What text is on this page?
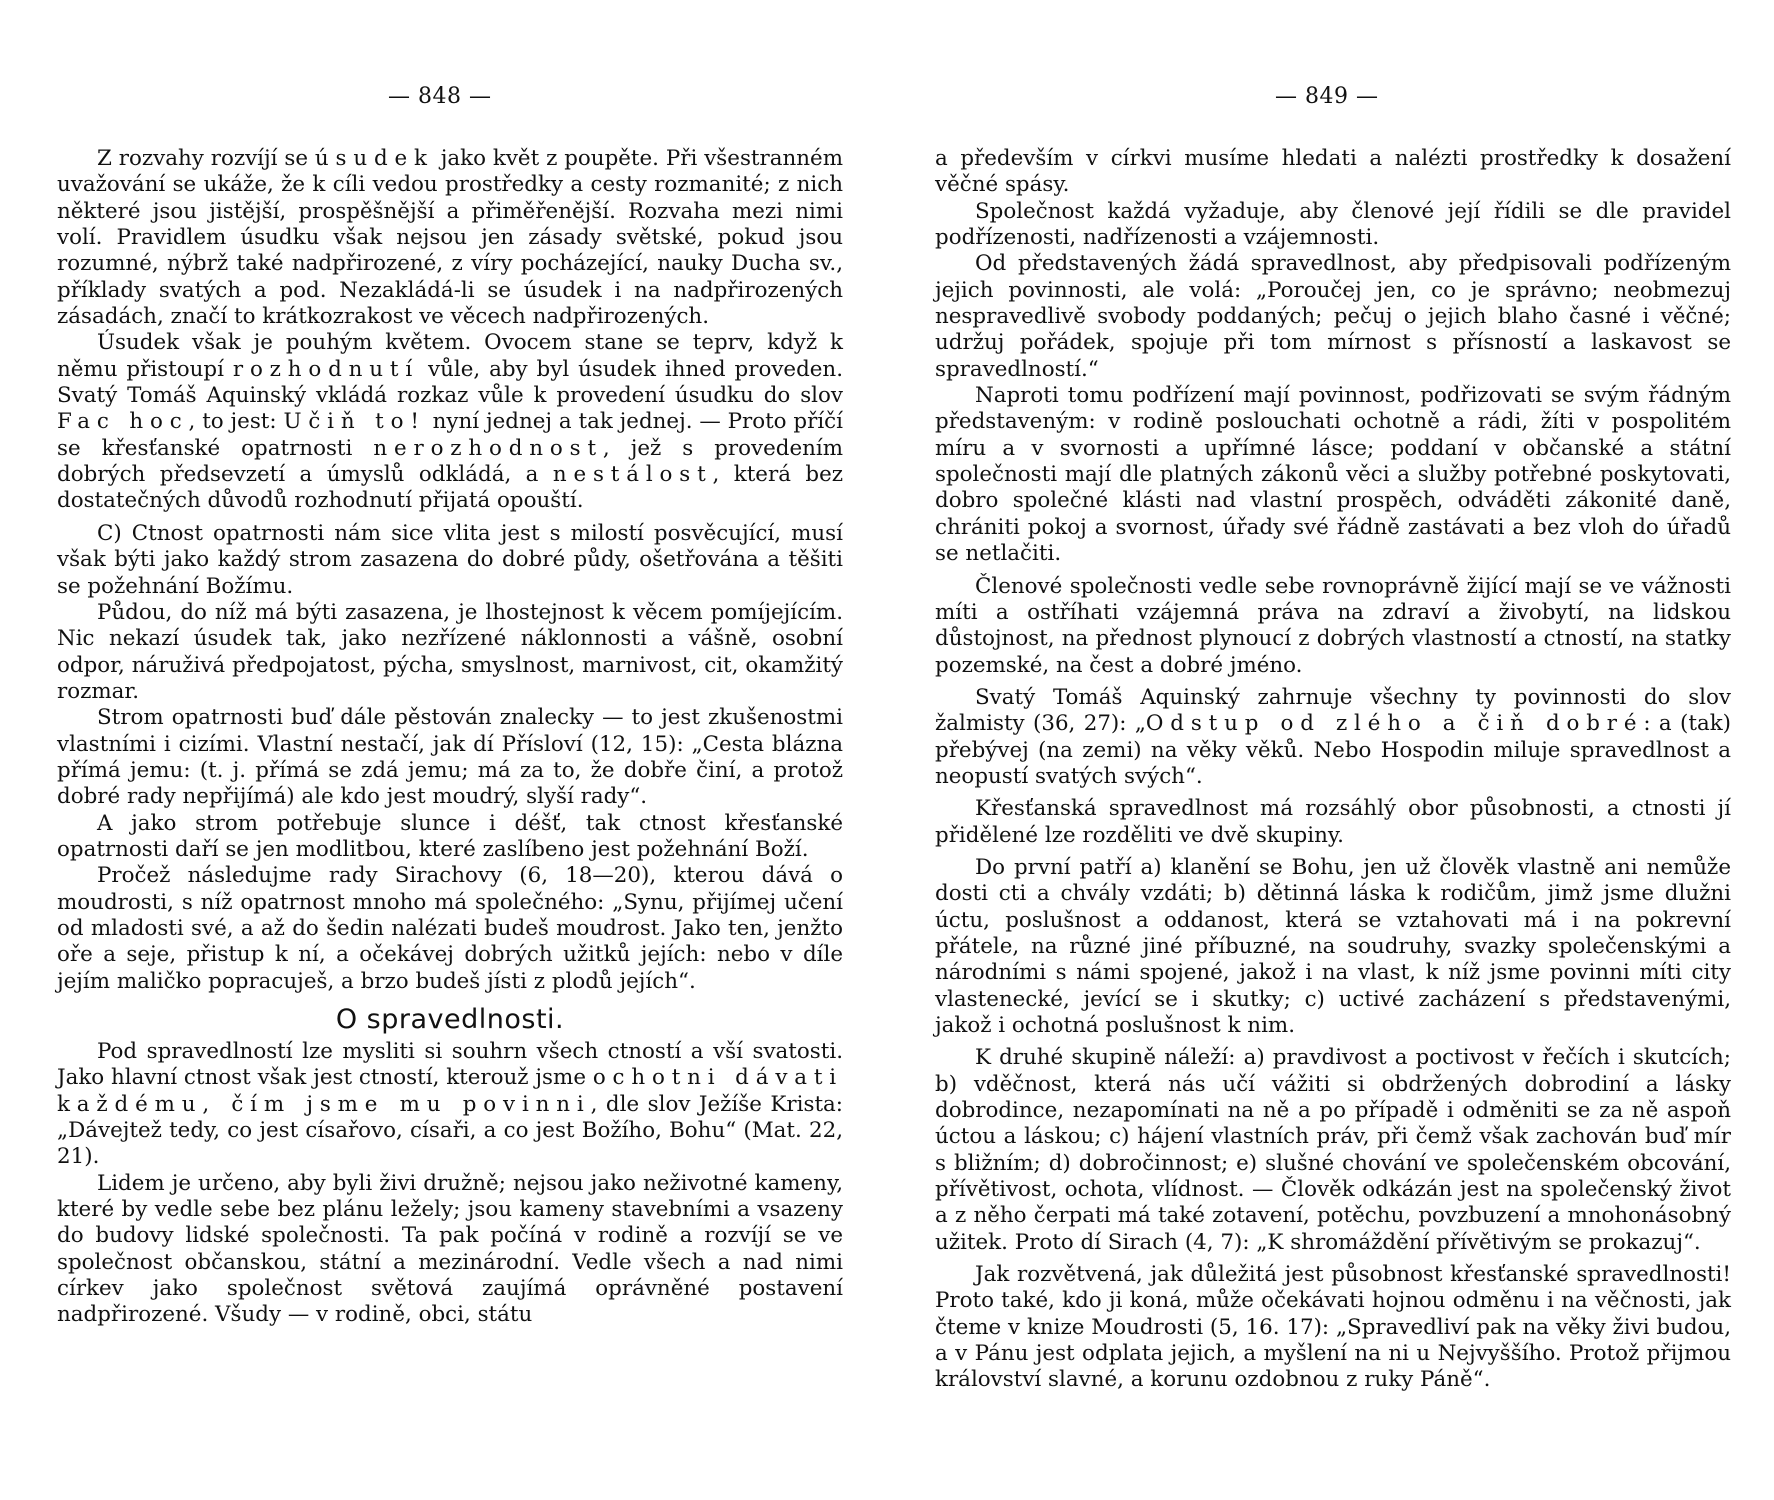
— 848 —

Z rozvahy rozvíjí se úsudek jako květ z poupěte. Při všestranném uvažování se ukáže, že k cíli vedou prostředky a cesty rozmanité; z nich některé jsou jistější, prospěšnější a přiměřenější. Rozvaha mezi nimi volí. Pravidlem úsudku však nejsou jen zásady světské, pokud jsou rozumné, nýbrž také nadpřirozené, z víry pocházející, nauky Ducha sv., příklady svatých a pod. Nezakládá-li se úsudek i na nadpřirozených zásadách, značí to krátkozrakost ve věcech nadpřirozených.

Úsudek však je pouhým květem. Ovocem stane se teprv, když k němu přistoupí rozhodnutí vůle, aby byl úsudek ihned proveden. Svatý Tomáš Aquinský vkládá rozkaz vůle k provedení úsudku do slov Fac hoc, to jest: Učiň to! nyní jednej a tak jednej. — Proto příčí se křesťanské opatrnosti nerozhodnost, jež s provedením dobrých předsevzetí a úmyslů odkládá, a nestálost, která bez dostatečných důvodů rozhodnutí přijatá opouští.

C) Ctnost opatrnosti nám sice vlita jest s milostí posvěcující, musí však býti jako každý strom zasazena do dobré půdy, ošetřována a těšiti se požehnání Božímu.

Půdou, do níž má býti zasazena, je lhostejnost k věcem pomíjejícím. Nic nekazí úsudek tak, jako nezřízené náklonnosti a vášně, osobní odpor, náruživá předpojatost, pýcha, smyslnost, marnivost, cit, okamžitý rozmar.

Strom opatrnosti buď dále pěstován znalecky — to jest zkušenostmi vlastními i cizími. Vlastní nestačí, jak dí Přísloví (12, 15): „Cesta blázna přímá jemu: (t. j. přímá se zdá jemu; má za to, že dobře činí, a protož dobré rady nepřijímá) ale kdo jest moudrý, slyší rady“.

A jako strom potřebuje slunce i déšť, tak ctnost křesťanské opatrnosti daří se jen modlitbou, které zaslíbeno jest požehnání Boží.

Pročež následujme rady Sirachovy (6, 18—20), kterou dává o moudrosti, s níž opatrnost mnoho má společného: „Synu, přijímej učení od mladosti své, a až do šedin nalézati budeš moudrost. Jako ten, jenžto oře a seje, přistup k ní, a očekávej dobrých užitků jejích: nebo v díle jejím maličko popracuješ, a brzo budeš jísti z plodů jejích“.

O spravedlnosti.

Pod spravedlností lze mysliti si souhrn všech ctností a vší svatosti. Jako hlavní ctnost však jest ctností, kterouž jsme ochotni dávati každému, čím jsme mu povinni, dle slov Ježíše Krista: „Dávejtež tedy, co jest císařovo, císaři, a co jest Božího, Bohu“ (Mat. 22, 21).

Lidem je určeno, aby byli živi družně; nejsou jako neživotné kameny, které by vedle sebe bez plánu ležely; jsou kameny stavebními a vsazeny do budovy lidské společnosti. Ta pak počíná v rodině a rozvíjí se ve společnost občanskou, státní a mezinárodní. Vedle všech a nad nimi církev jako společnost světová zaujímá oprávněné postavení nadpřirozené. Všudy — v rodině, obci, státu

— 849 —

a především v církvi musíme hledati a nalézti prostředky k dosažení věčné spásy.

Společnost každá vyžaduje, aby členové její řídili se dle pravidel podřízenosti, nadřízenosti a vzájemnosti.

Od představených žádá spravedlnost, aby předpisovali podřízeným jejich povinnosti, ale volá: „Poroučej jen, co je správno; neobmezuj nespravedlivě svobody poddaných; pečuj o jejich blaho časné i věčné; udržuj pořádek, spojuje při tom mírnost s přísností a laskavost se spravedlností.“

Naproti tomu podřízení mají povinnost, podřizovati se svým řádným představeným: v rodině poslouchati ochotně a rádi, žíti v pospolitém míru a v svornosti a upřímné lásce; poddaní v občanské a státní společnosti mají dle platných zákonů věci a služby potřebné poskytovati, dobro společné klásti nad vlastní prospěch, odváděti zákonité daně, chrániti pokoj a svornost, úřady své řádně zastávati a bez vloh do úřadů se netlačiti.

Členové společnosti vedle sebe rovnoprávně žijící mají se ve vážnosti míti a ostříhati vzájemná práva na zdraví a živobytí, na lidskou důstojnost, na přednost plynoucí z dobrých vlastností a ctností, na statky pozemské, na čest a dobré jméno.

Svatý Tomáš Aquinský zahrnuje všechny ty povinnosti do slov žalmisty (36, 27): „Odstup od zlého a čiň dobré: a (tak) přebývej (na zemi) na věky věků. Nebo Hospodin miluje spravedlnost a neopustí svatých svých“.

Křesťanská spravedlnost má rozsáhlý obor působnosti, a ctnosti jí přidělené lze rozděliti ve dvě skupiny.

Do první patří a) klanění se Bohu, jen už člověk vlastně ani nemůže dosti cti a chvály vzdáti; b) dětinná láska k rodičům, jimž jsme dlužni úctu, poslušnost a oddanost, která se vztahovati má i na pokrevní přátele, na různé jiné příbuzné, na soudruhy, svazky společenskými a národními s námi spojené, jakož i na vlast, k níž jsme povinni míti city vlastenecké, jevící se i skutky; c) uctivé zacházení s představenými, jakož i ochotná poslušnost k nim.

K druhé skupině náleží: a) pravdivost a poctivost v řečích i skutcích; b) vděčnost, která nás učí vážiti si obdržených dobrodiní a lásky dobrodince, nezapomínati na ně a po případě i odměniti se za ně aspoň úctou a láskou; c) hájení vlastních práv, při čemž však zachován buď mír s bližním; d) dobročinnost; e) slušné chování ve společenském obcování, přívětivost, ochota, vlídnost. — Člověk odkázán jest na společenský život a z něho čerpati má také zotavení, potěchu, povzbuzení a mnohonásobný užitek. Proto dí Sirach (4, 7): „K shromáždění přívětivým se prokazuj“.

Jak rozvětvená, jak důležitá jest působnost křesťanské spravedlnosti! Proto také, kdo ji koná, může očekávati hojnou odměnu i na věčnosti, jak čteme v knize Moudrosti (5, 16. 17): „Spravedliví pak na věky živi budou, a v Pánu jest odplata jejich, a myšlení na ni u Nejvyššího. Protož přijmou království slavné, a korunu ozdobnou z ruky Páně“.
